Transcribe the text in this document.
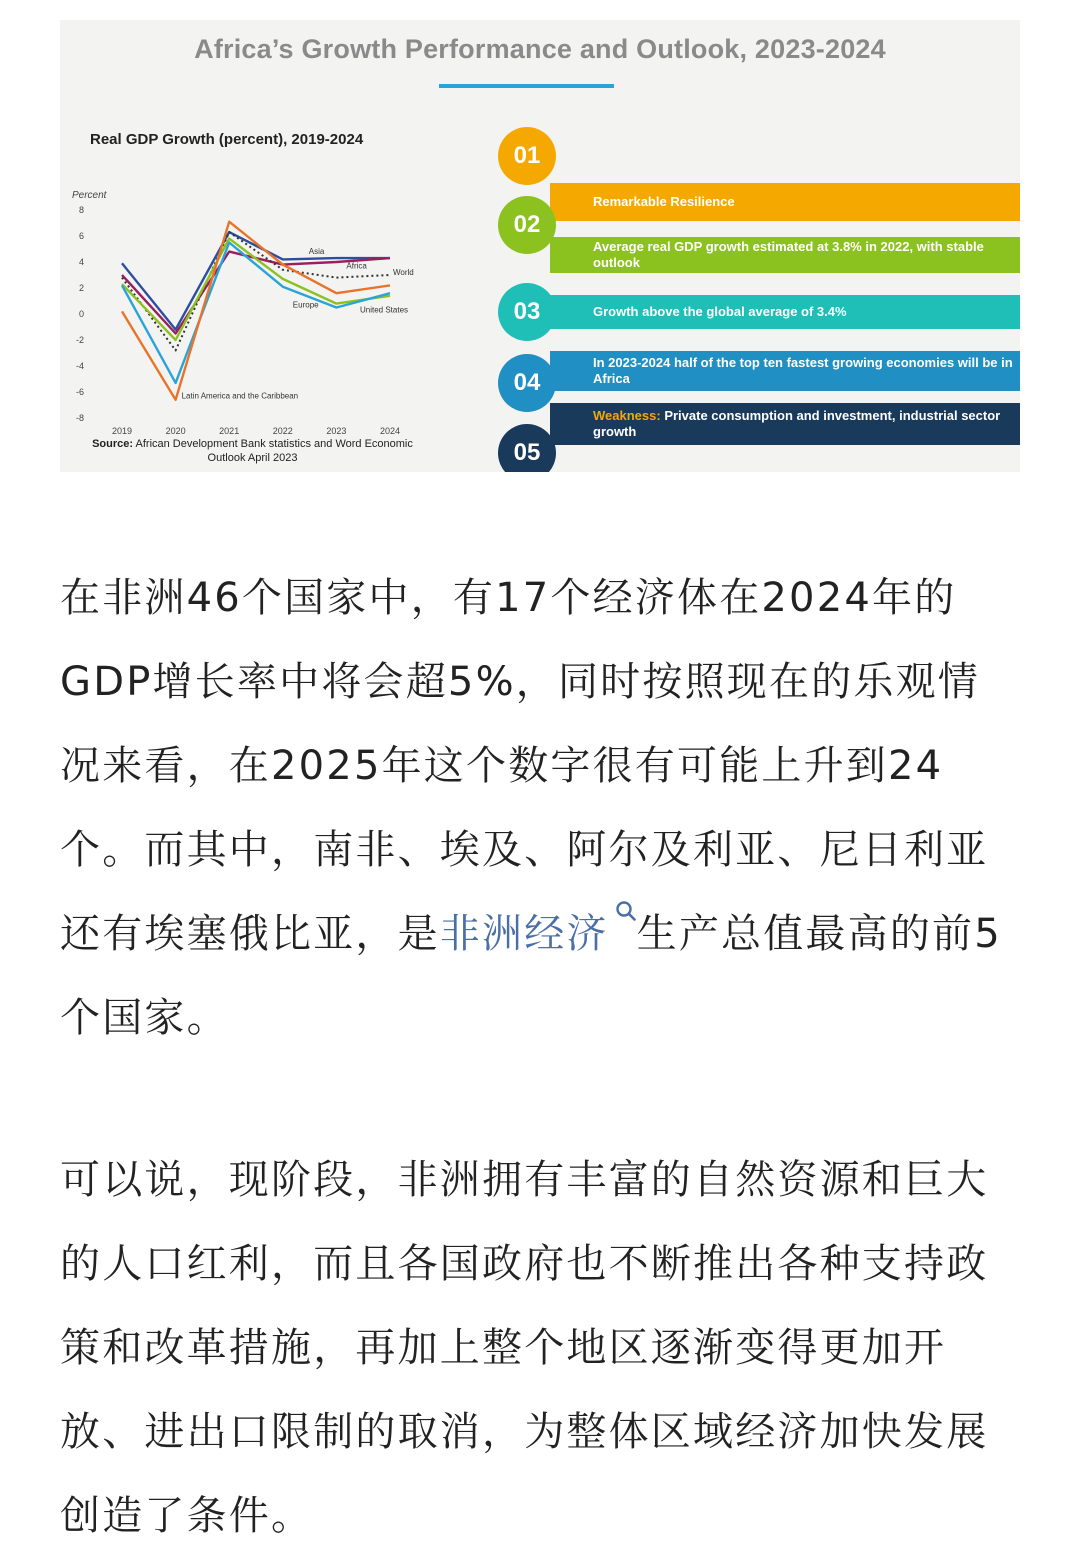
Africa’s Growth Performance and Outlook, 2023-2024
Real GDP Growth (percent), 2019-2024
Percent
8
6
4
2
0
-2
-4
-6
-8
2019	2020	2021	2022	2023	2024
Asia
Africa
World
Europe
United States
Latin America and the Caribbean
Source: African Development Bank statistics and Word Economic Outlook April 2023
Remarkable Resilience
01
Average real GDP growth estimated at 3.8% in 2022, with stable outlook
02
Growth above the global average of 3.4%
03
In 2023-2024 half of the top ten fastest growing economies will be in Africa
04
Weakness: Private consumption and investment, industrial sector growth
05

在非洲46个国家中，有17个经济体在2024年的GDP增长率中将会超5%，同时按照现在的乐观情况来看，在2025年这个数字很有可能上升到24个。而其中，南非、埃及、阿尔及利亚、尼日利亚还有埃塞俄比亚，是非洲经济 生产总值最高的前5个国家。

可以说，现阶段，非洲拥有丰富的自然资源和巨大的人口红利，而且各国政府也不断推出各种支持政策和改革措施，再加上整个地区逐渐变得更加开放、进出口限制的取消，为整体区域经济加快发展创造了条件。
